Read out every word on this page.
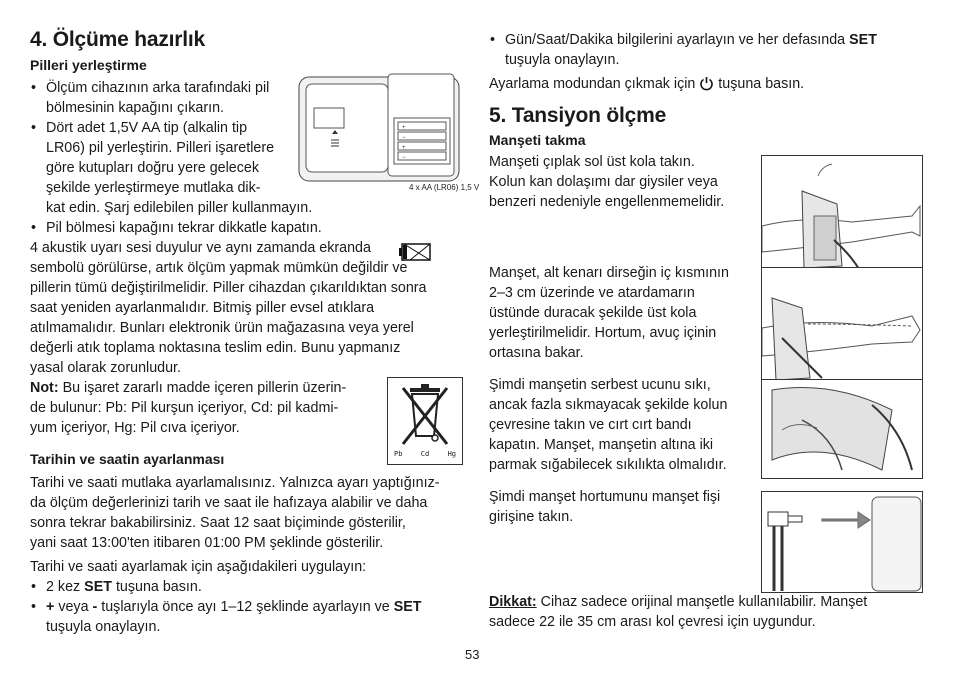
4. Ölçüme hazırlık
Pilleri yerleştirme
• Ölçüm cihazının arka tarafındaki pil
bölmesinin kapağını çıkarın.
• Dört adet 1,5V AA tip (alkalin tip
LR06) pil yerleştirin. Pilleri işaretlere
göre kutupları doğru yere gelecek
şekilde yerleştirmeye mutlaka dik-
kat edin. Şarj edilebilen piller kullanmayın.
• Pil bölmesi kapağını tekrar dikkatle kapatın.

4 akustik uyarı sesi duyulur ve aynı zamanda ekranda

sembolü görülürse, artık ölçüm yapmak mümkün değildir ve

pillerin tümü değiştirilmelidir. Piller cihazdan çıkarıldıktan sonra

saat yeniden ayarlanmalıdır. Bitmiş piller evsel atıklara

atılmamalıdır. Bunları elektronik ürün mağazasına veya yerel

değerli atık toplama noktasına teslim edin. Bunu yapmanız

yasal olarak zorunludur.

Not: Bu işaret zararlı madde içeren pillerin üzerin-

de bulunur: Pb: Pil kurşun içeriyor, Cd: pil kadmi-

yum içeriyor, Hg: Pil cıva içeriyor.

Tarihin ve saatin ayarlanması

Tarihi ve saati mutlaka ayarlamalısınız. Yalnızca ayarı yaptığınız-

da ölçüm değerlerinizi tarih ve saat ile hafızaya alabilir ve daha

sonra tekrar bakabilirsiniz. Saat 12 saat biçiminde gösterilir,

yani saat 13:00'ten itibaren 01:00 PM şeklinde gösterilir.

Tarihi ve saati ayarlamak için aşağıdakileri uygulayın:

• 2 kez SET tuşuna basın.
• + veya - tuşlarıyla önce ayı 1–12 şeklinde ayarlayın ve SET
tuşuyla onaylayın.
+
−
+
−
4 x AA (LR06) 1,5 V
Pb	Cd	Hg
• Gün/Saat/Dakika bilgilerini ayarlayın ve her defasında SET
tuşuyla onaylayın.

Ayarlama modundan çıkmak için  tuşuna basın.

5. Tansiyon ölçme
Manşeti takma

Manşeti çıplak sol üst kola takın.

Kolun kan dolaşımı dar giysiler veya

benzeri nedeniyle engellenmemelidir.

Manşet, alt kenarı dirseğin iç kısmının

2–3 cm üzerinde ve atardamarın

üstünde duracak şekilde üst kola

yerleştirilmelidir. Hortum, avuç içinin

ortasına bakar.

Şimdi manşetin serbest ucunu sıkı,

ancak fazla sıkmayacak şekilde kolun

çevresine takın ve cırt cırt bandı

kapatın. Manşet, manşetin altına iki

parmak sığabilecek sıkılıkta olmalıdır.

Şimdi manşet hortumunu manşet fişi

girişine takın.

Dikkat: Cihaz sadece orijinal manşetle kullanılabilir. Manşet

sadece 22 ile 35 cm arası kol çevresi için uygundur.

53
